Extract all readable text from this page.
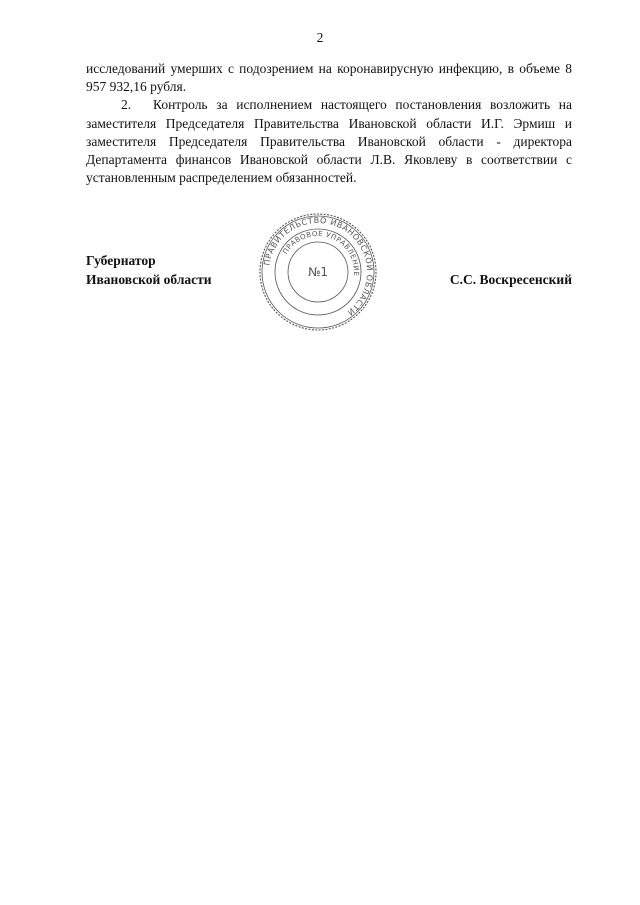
2

исследований умерших с подозрением на коронавирусную инфекцию, в объеме 8 957 932,16 рубля.

2. Контроль за исполнением настоящего постановления возложить на заместителя Председателя Правительства Ивановской области И.Г. Эрмиш и заместителя Председателя Правительства Ивановской области - директора Департамента финансов Ивановской области Л.В. Яковлеву в соответствии с установленным распределением обязанностей.

Губернатор
Ивановской области	С.С. Воскресенский
ПРАВИТЕЛЬСТВО ИВАНОВСКОЙ ОБЛАСТИ
ПРАВОВОЕ УПРАВЛЕНИЕ
№1
